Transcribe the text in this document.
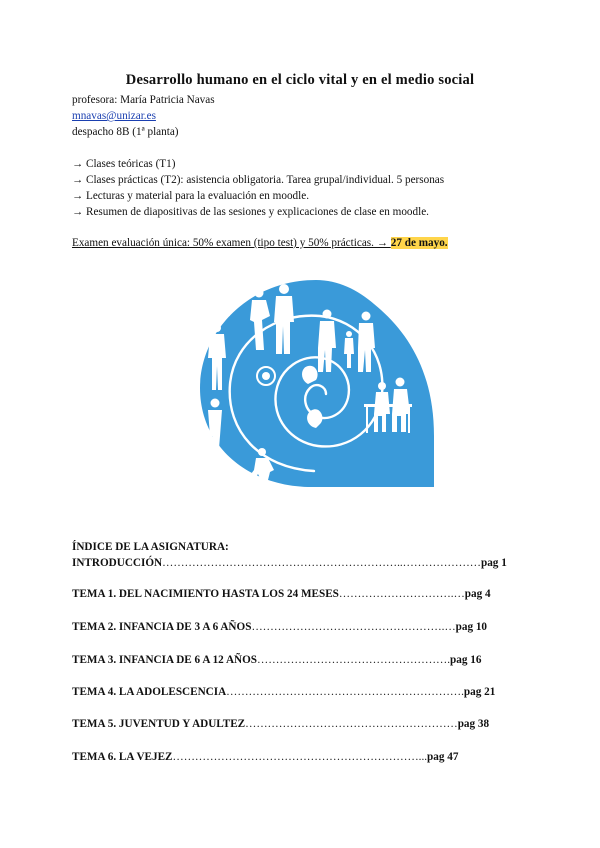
Desarrollo humano en el ciclo vital y en el medio social
profesora: María Patricia Navas
mnavas@unizar.es
despacho 8B (1ª planta)
→ Clases teóricas (T1)
→ Clases prácticas (T2): asistencia obligatoria. Tarea grupal/individual. 5 personas
→ Lecturas y material para la evaluación en moodle.
→ Resumen de diapositivas de las sesiones y explicaciones de clase en moodle.
Examen evaluación única: 50% examen (tipo test) y 50% prácticas. → 27 de mayo.
ÍNDICE DE LA ASIGNATURA:
INTRODUCCIÓN………………………………………………………..…………………pag 1
TEMA 1. DEL NACIMIENTO HASTA LOS 24 MESES………………………….…pag 4
TEMA 2. INFANCIA DE 3 A 6 AÑOS…………………………………………….…pag 10
TEMA 3. INFANCIA DE 6 A 12 AÑOS…………………………………………….pag 16
TEMA 4. LA ADOLESCENCIA……………………………………………………….pag 21
TEMA 5. JUVENTUD Y ADULTEZ…………………………………………………pag 38
TEMA 6. LA VEJEZ…………………………………………………………...pag 47
